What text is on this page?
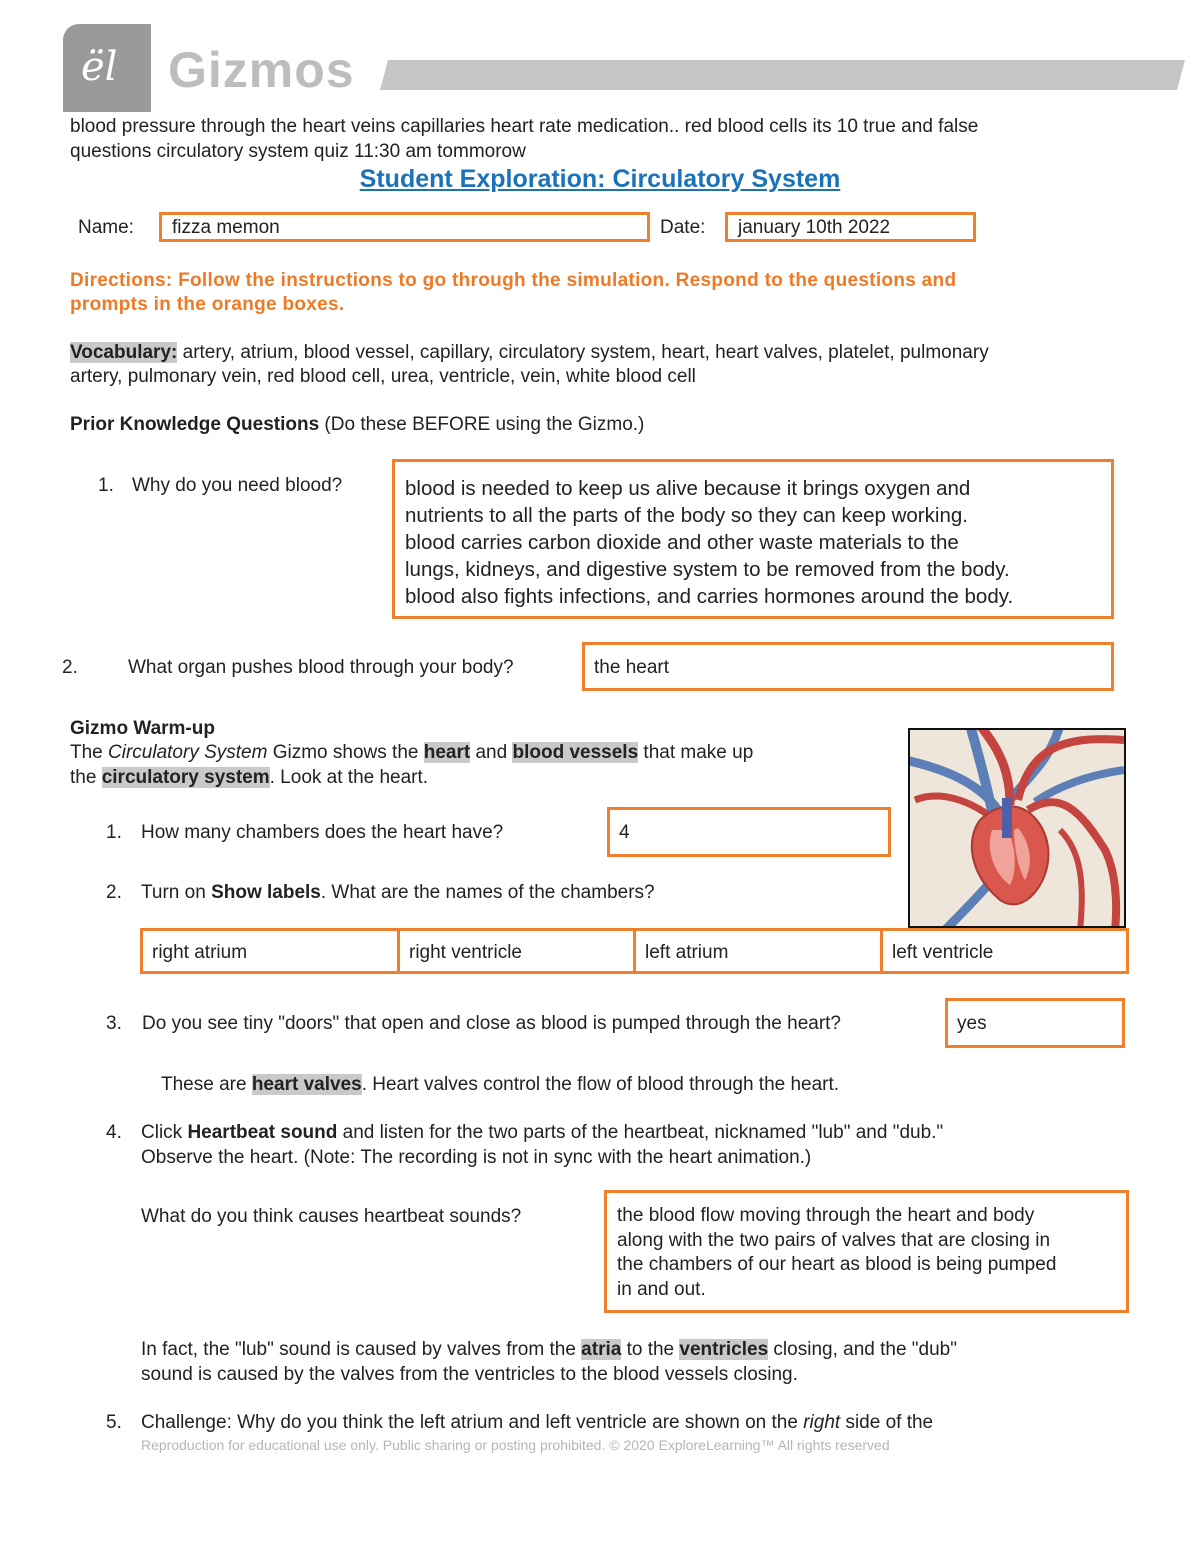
ël Gizmos
blood pressure through the heart veins capillaries heart rate medication.. red blood cells its 10 true and false
questions circulatory system quiz 11:30 am tommorow
Student Exploration: Circulatory System
Name: fizza memon	Date: january 10th 2022
Directions: Follow the instructions to go through the simulation. Respond to the questions and
prompts in the orange boxes.
Vocabulary: artery, atrium, blood vessel, capillary, circulatory system, heart, heart valves, platelet, pulmonary
artery, pulmonary vein, red blood cell, urea, ventricle, vein, white blood cell
Prior Knowledge Questions (Do these BEFORE using the Gizmo.)
1. Why do you need blood?	blood is needed to keep us alive because it brings oxygen and
nutrients to all the parts of the body so they can keep working.
blood carries carbon dioxide and other waste materials to the
lungs, kidneys, and digestive system to be removed from the body.
blood also fights infections, and carries hormones around the body.
2.	What organ pushes blood through your body?	the heart
Gizmo Warm-up
The Circulatory System Gizmo shows the heart and blood vessels that make up
the circulatory system. Look at the heart.
1. How many chambers does the heart have?	4
2. Turn on Show labels. What are the names of the chambers?
right atrium	right ventricle	left atrium	left ventricle
3. Do you see tiny "doors" that open and close as blood is pumped through the heart?	yes
These are heart valves. Heart valves control the flow of blood through the heart.
4. Click Heartbeat sound and listen for the two parts of the heartbeat, nicknamed "lub" and "dub."
Observe the heart. (Note: The recording is not in sync with the heart animation.)
What do you think causes heartbeat sounds?	the blood flow moving through the heart and body
along with the two pairs of valves that are closing in
the chambers of our heart as blood is being pumped
in and out.
In fact, the "lub" sound is caused by valves from the atria to the ventricles closing, and the "dub"
sound is caused by the valves from the ventricles to the blood vessels closing.
5. Challenge: Why do you think the left atrium and left ventricle are shown on the right side of the
Reproduction for educational use only. Public sharing or posting prohibited. © 2020 ExploreLearning™ All rights reserved
